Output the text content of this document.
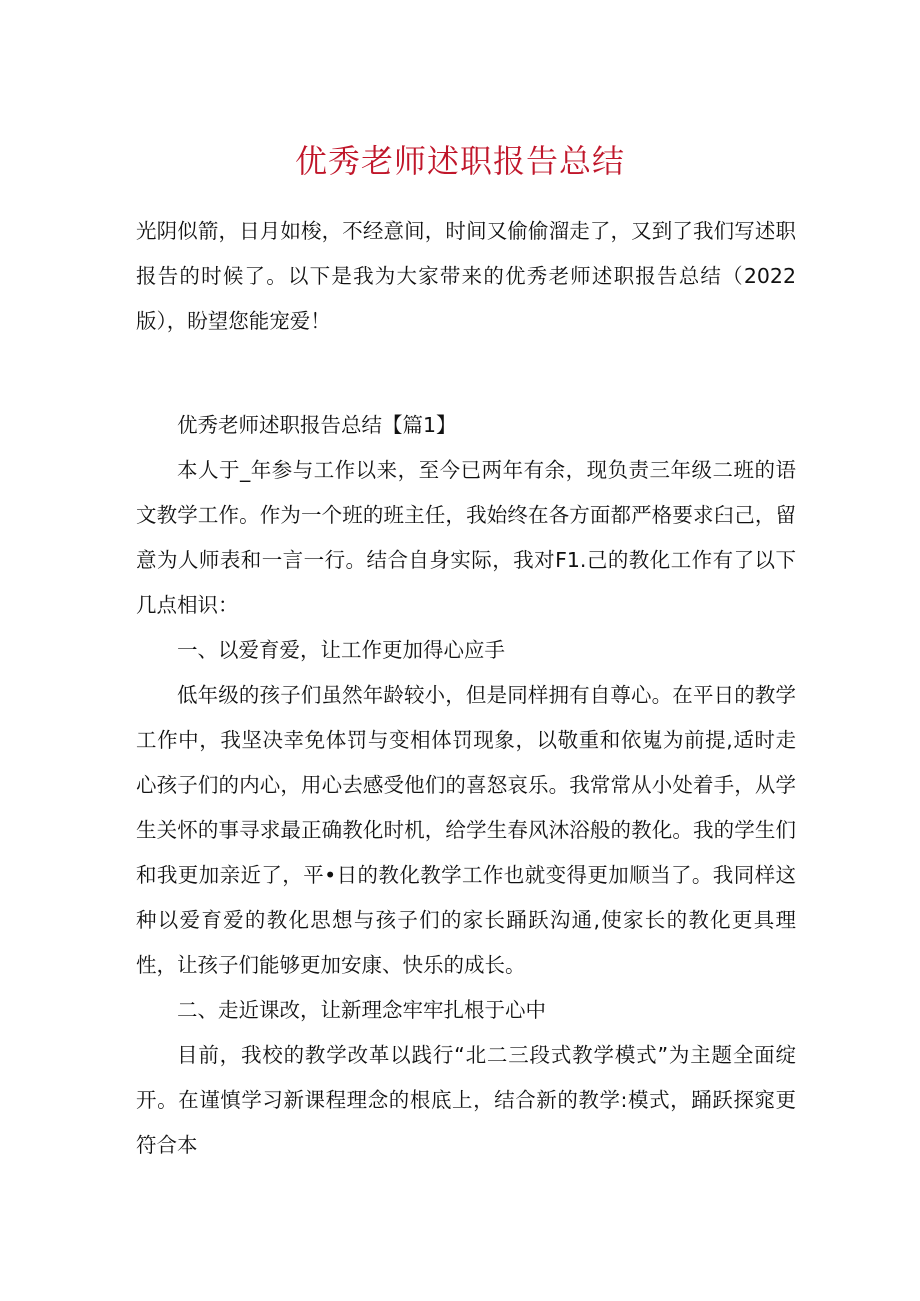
优秀老师述职报告总结

光阴似箭，日月如梭，不经意间，时间又偷偷溜走了，又到了我们写述职报告的时候了。以下是我为大家带来的优秀老师述职报告总结（2022版），盼望您能宠爱！

优秀老师述职报告总结【篇1】

本人于_年参与工作以来，至今已两年有余，现负责三年级二班的语文教学工作。作为一个班的班主任，我始终在各方面都严格要求臼己，留意为人师表和一言一行。结合自身实际，我对F1.己的教化工作有了以下几点相识：

一、以爱育爱，让工作更加得心应手

低年级的孩子们虽然年龄较小，但是同样拥有自尊心。在平日的教学工作中，我坚决幸免体罚与变相体罚现象，以敬重和依嵬为前提,适时走心孩子们的内心，用心去感受他们的喜怒哀乐。我常常从小处着手，从学生关怀的事寻求最正确教化时机，给学生春风沐浴般的教化。我的学生们和我更加亲近了，平•日的教化教学工作也就变得更加顺当了。我同样这种以爱育爱的教化思想与孩子们的家长踊跃沟通,使家长的教化更具理性，让孩子们能够更加安康、快乐的成长。

二、走近课改，让新理念牢牢扎根于心中

目前，我校的教学改革以践行“北二三段式教学模式”为主题全面绽开。在谨慎学习新课程理念的根底上，结合新的教学:模式，踊跃探窕更符合本
